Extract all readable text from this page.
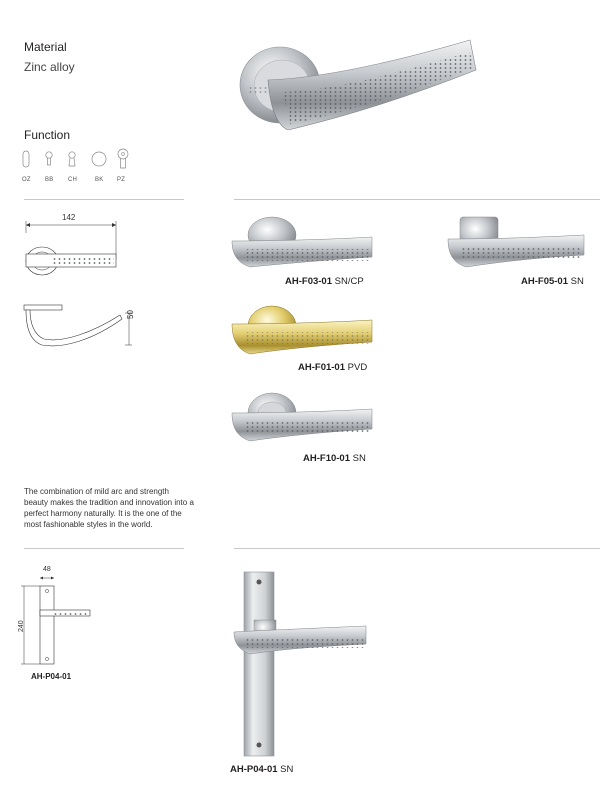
Material
Zinc alloy
Function
OZ BB CH	BK PZ
142
50
AH-F03-01 SN/CP	AH-F05-01 SN
AH-F01-01 PVD
AH-F10-01 SN
The combination of mild arc and strength beauty makes the tradition and innovation into a perfect harmony naturally. It is the one of the most fashionable styles in the world.
48
240
AH-P04-01
AH-P04-01 SN
